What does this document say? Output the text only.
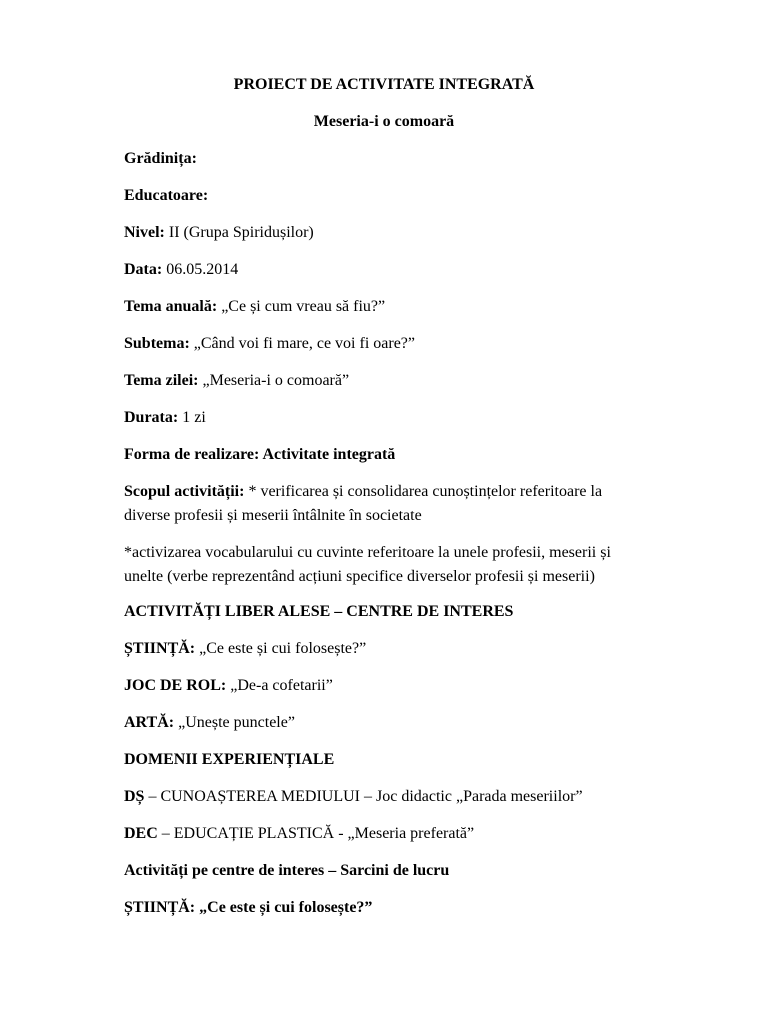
PROIECT DE ACTIVITATE INTEGRATĂ

Meseria-i o comoară

Grădinița:

Educatoare:

Nivel: II (Grupa Spiridușilor)

Data: 06.05.2014

Tema anuală: „Ce și cum vreau să fiu?”

Subtema: „Când voi fi mare, ce voi fi oare?”

Tema zilei: „Meseria-i o comoară”

Durata: 1 zi

Forma de realizare: Activitate integrată

Scopul activității: * verificarea și consolidarea cunoștințelor referitoare la

diverse profesii și meserii întâlnite în societate

*activizarea vocabularului cu cuvinte referitoare la unele profesii, meserii și

unelte (verbe reprezentând acțiuni specifice diverselor profesii și meserii)

ACTIVITĂȚI LIBER ALESE – CENTRE DE INTERES

ȘTIINȚĂ: „Ce este și cui folosește?”

JOC DE ROL: „De-a cofetarii”

ARTĂ: „Unește punctele”

DOMENII EXPERIENȚIALE

DȘ – CUNOAȘTEREA MEDIULUI – Joc didactic „Parada meseriilor”

DEC – EDUCAȚIE PLASTICĂ - „Meseria preferată”

Activități pe centre de interes – Sarcini de lucru

ȘTIINȚĂ: „Ce este și cui folosește?”
